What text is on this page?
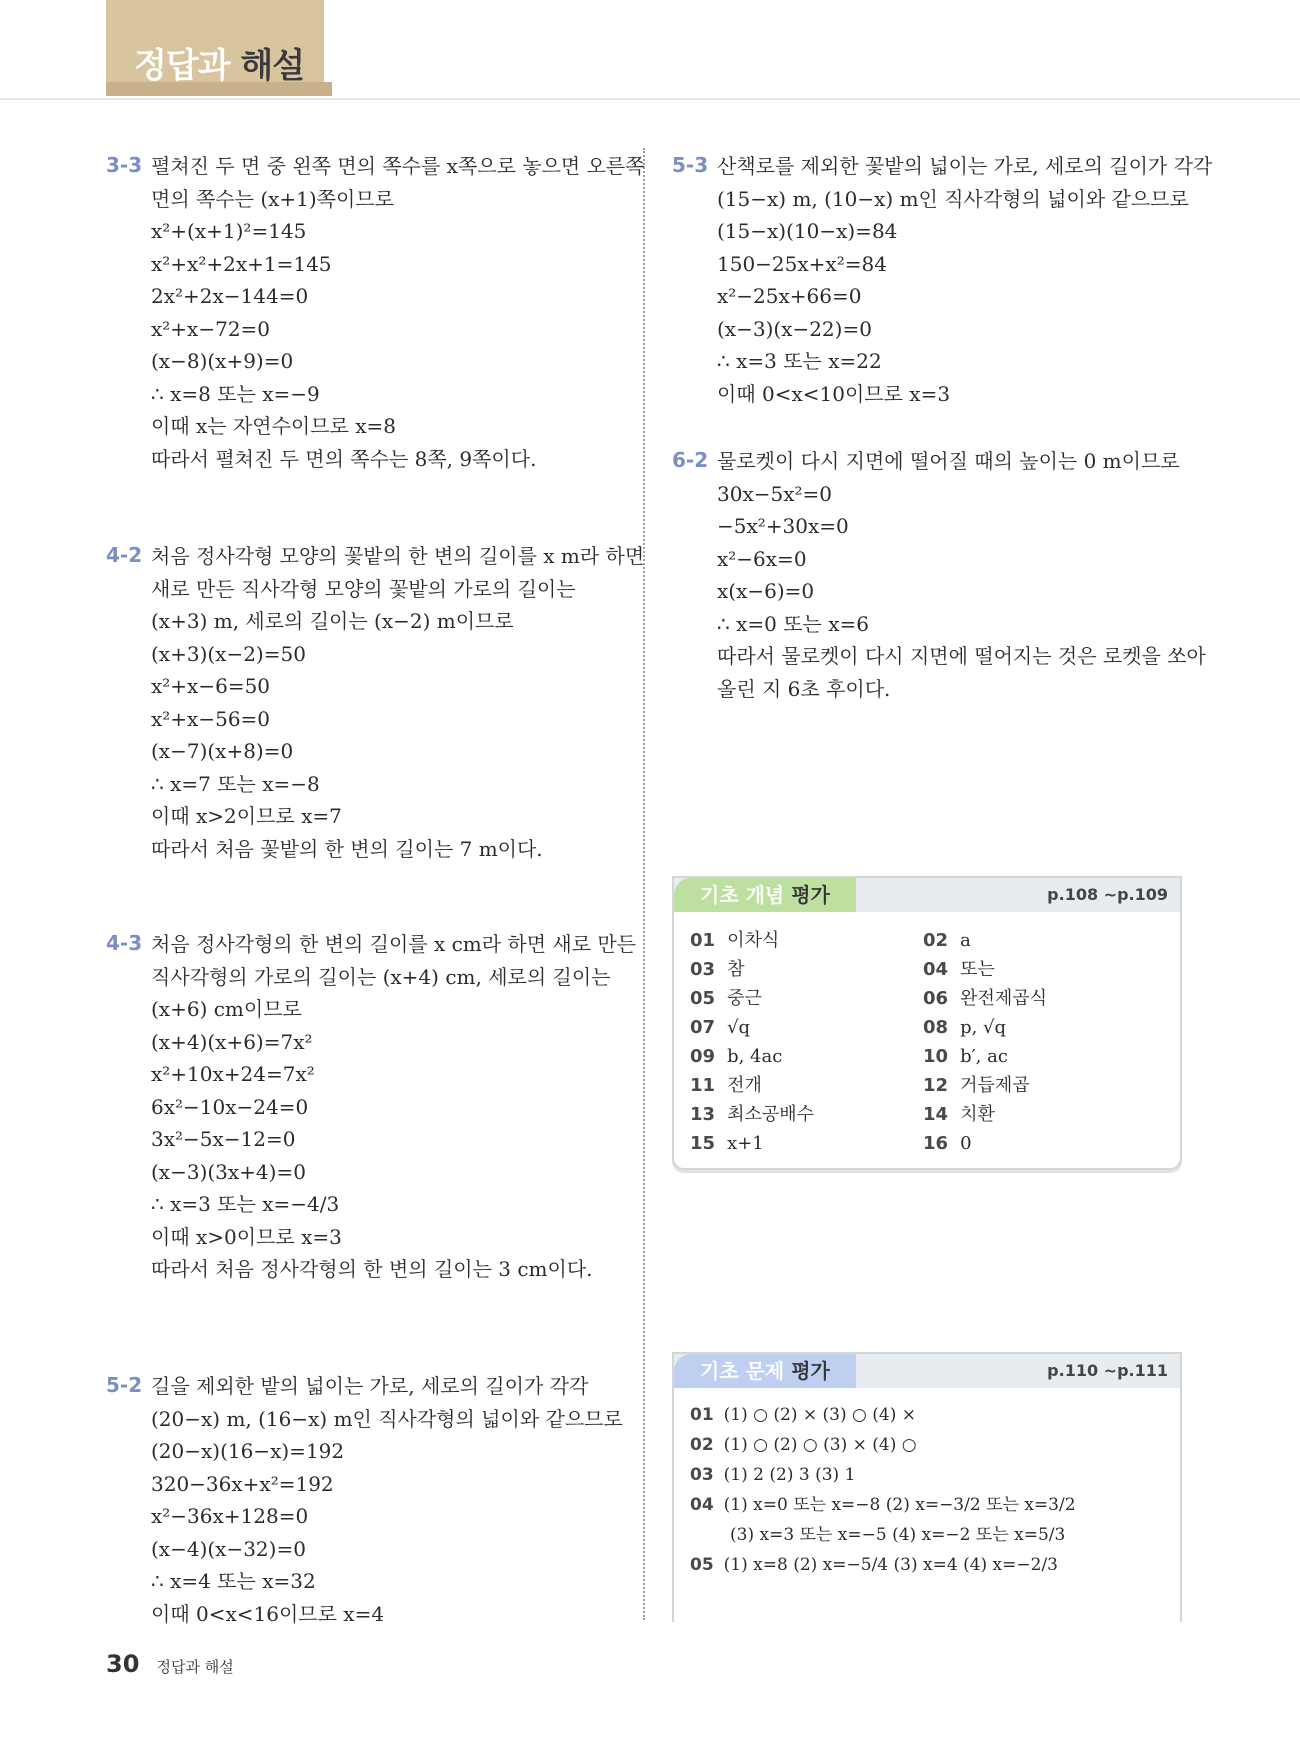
정답과 해설
3-3 펼쳐진 두 면 중 왼쪽 면의 쪽수를 x쪽으로 놓으면 오른쪽
면의 쪽수는 (x+1)쪽이므로
x²+(x+1)²=145
x²+x²+2x+1=145
2x²+2x−144=0
x²+x−72=0
(x−8)(x+9)=0
∴ x=8 또는 x=−9
이때 x는 자연수이므로 x=8
따라서 펼쳐진 두 면의 쪽수는 8쪽, 9쪽이다.
4-2 처음 정사각형 모양의 꽃밭의 한 변의 길이를 x m라 하면
새로 만든 직사각형 모양의 꽃밭의 가로의 길이는
(x+3) m, 세로의 길이는 (x−2) m이므로
(x+3)(x−2)=50
x²+x−6=50
x²+x−56=0
(x−7)(x+8)=0
∴ x=7 또는 x=−8
이때 x>2이므로 x=7
따라서 처음 꽃밭의 한 변의 길이는 7 m이다.
4-3 처음 정사각형의 한 변의 길이를 x cm라 하면 새로 만든
직사각형의 가로의 길이는 (x+4) cm, 세로의 길이는
(x+6) cm이므로
(x+4)(x+6)=7x²
x²+10x+24=7x²
6x²−10x−24=0
3x²−5x−12=0
(x−3)(3x+4)=0
∴ x=3 또는 x=−4/3
이때 x>0이므로 x=3
따라서 처음 정사각형의 한 변의 길이는 3 cm이다.
5-2 길을 제외한 밭의 넓이는 가로, 세로의 길이가 각각
(20−x) m, (16−x) m인 직사각형의 넓이와 같으므로
(20−x)(16−x)=192
320−36x+x²=192
x²−36x+128=0
(x−4)(x−32)=0
∴ x=4 또는 x=32
이때 0<x<16이므로 x=4
5-3 산책로를 제외한 꽃밭의 넓이는 가로, 세로의 길이가 각각
(15−x) m, (10−x) m인 직사각형의 넓이와 같으므로
(15−x)(10−x)=84
150−25x+x²=84
x²−25x+66=0
(x−3)(x−22)=0
∴ x=3 또는 x=22
이때 0<x<10이므로 x=3
6-2 물로켓이 다시 지면에 떨어질 때의 높이는 0 m이므로
30x−5x²=0
−5x²+30x=0
x²−6x=0
x(x−6)=0
∴ x=0 또는 x=6
따라서 물로켓이 다시 지면에 떨어지는 것은 로켓을 쏘아
올린 지 6초 후이다.
기초 개념 평가	p.108 ~p.109
01 이차식	02 a
03 참	04 또는
05 중근	06 완전제곱식
07 √q	08 p, √q
09 b, 4ac	10 b′, ac
11 전개	12 거듭제곱
13 최소공배수	14 치환
15 x+1	16 0
기초 문제 평가	p.110 ~p.111
01 (1) ○ (2) × (3) ○ (4) ×
02 (1) ○ (2) ○ (3) × (4) ○
03 (1) 2 (2) 3 (3) 1
04 (1) x=0 또는 x=−8 (2) x=−3/2 또는 x=3/2
(3) x=3 또는 x=−5 (4) x=−2 또는 x=5/3
05 (1) x=8 (2) x=−5/4 (3) x=4 (4) x=−2/3
30 정답과 해설
